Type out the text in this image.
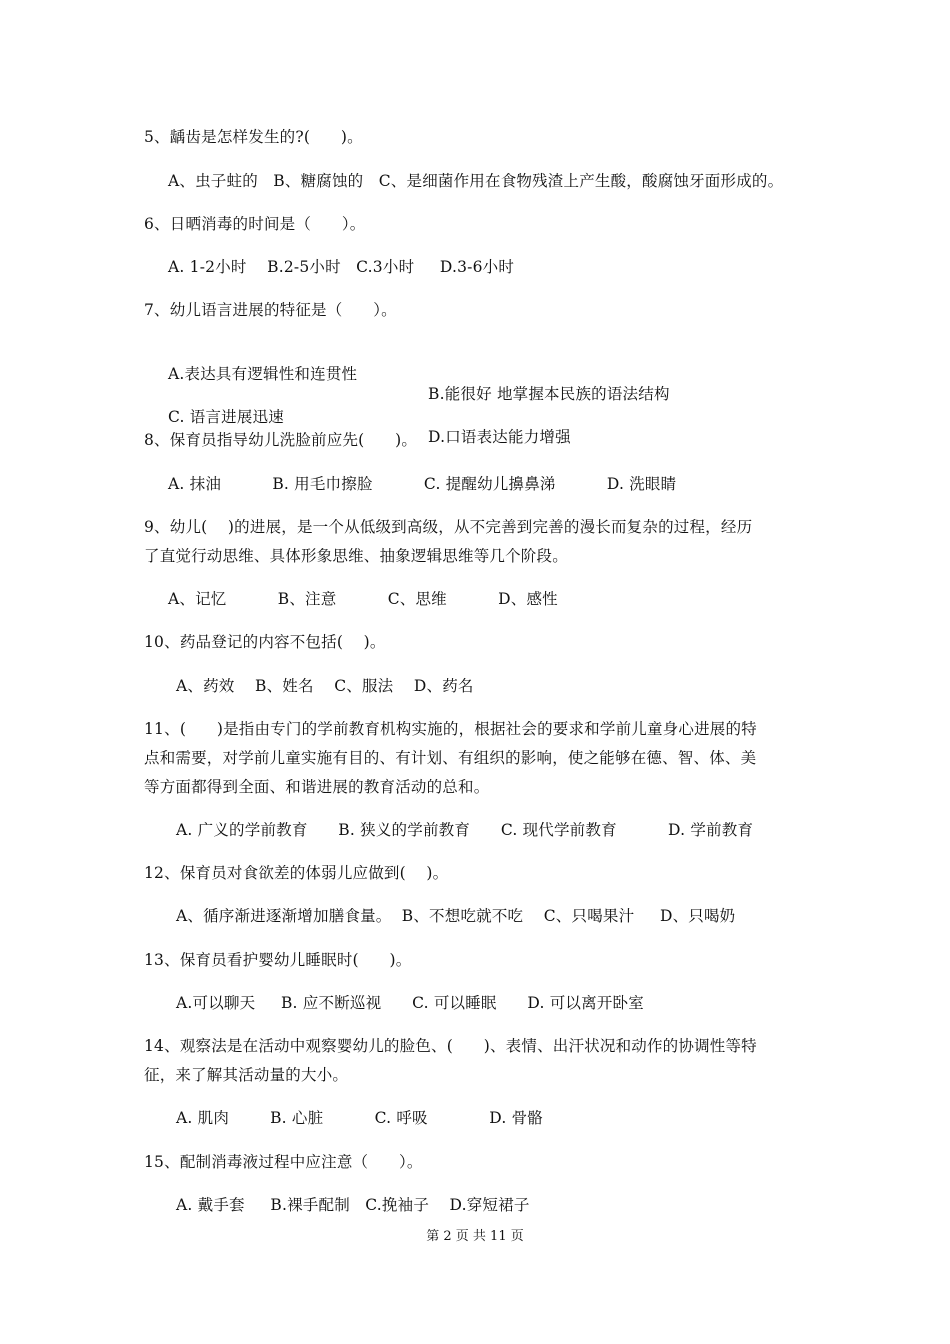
5、龋齿是怎样发生的?(      )。
A、虫子蛀的   B、糖腐蚀的   C、是细菌作用在食物残渣上产生酸，酸腐蚀牙面形成的。
6、日晒消毒的时间是（      ）。
A. 1-2小时    B.2-5小时   C.3小时     D.3-6小时
7、幼儿语言进展的特征是（      ）。

A.表达具有逻辑性和连贯性

B.能很好 地掌握本民族的语法结构

C. 语言进展迅速

D.口语表达能力增强

8、保育员指导幼儿洗脸前应先(      )。
A. 抹油          B. 用毛巾擦脸          C. 提醒幼儿擤鼻涕          D. 洗眼睛
9、幼儿(    )的进展，是一个从低级到高级，从不完善到完善的漫长而复杂的过程，经历
了直觉行动思维、具体形象思维、抽象逻辑思维等几个阶段。
A、记忆          B、注意          C、思维          D、感性
10、药品登记的内容不包括(    )。
A、药效    B、姓名    C、服法    D、药名
11、(      )是指由专门的学前教育机构实施的，根据社会的要求和学前儿童身心进展的特
点和需要，对学前儿童实施有目的、有计划、有组织的影响，使之能够在德、智、体、美
等方面都得到全面、和谐进展的教育活动的总和。
A. 广义的学前教育      B. 狭义的学前教育      C. 现代学前教育          D. 学前教育
12、保育员对食欲差的体弱儿应做到(    )。
A、循序渐进逐渐增加膳食量。  B、不想吃就不吃    C、只喝果汁     D、只喝奶
13、保育员看护婴幼儿睡眠时(      )。
A.可以聊天     B. 应不断巡视      C. 可以睡眠      D. 可以离开卧室
14、观察法是在活动中观察婴幼儿的脸色、(      )、表情、出汗状况和动作的协调性等特
征，来了解其活动量的大小。
A. 肌肉        B. 心脏          C. 呼吸            D. 骨骼
15、配制消毒液过程中应注意（      ）。
A. 戴手套     B.裸手配制   C.挽袖子    D.穿短裙子
第 2 页 共 11 页
